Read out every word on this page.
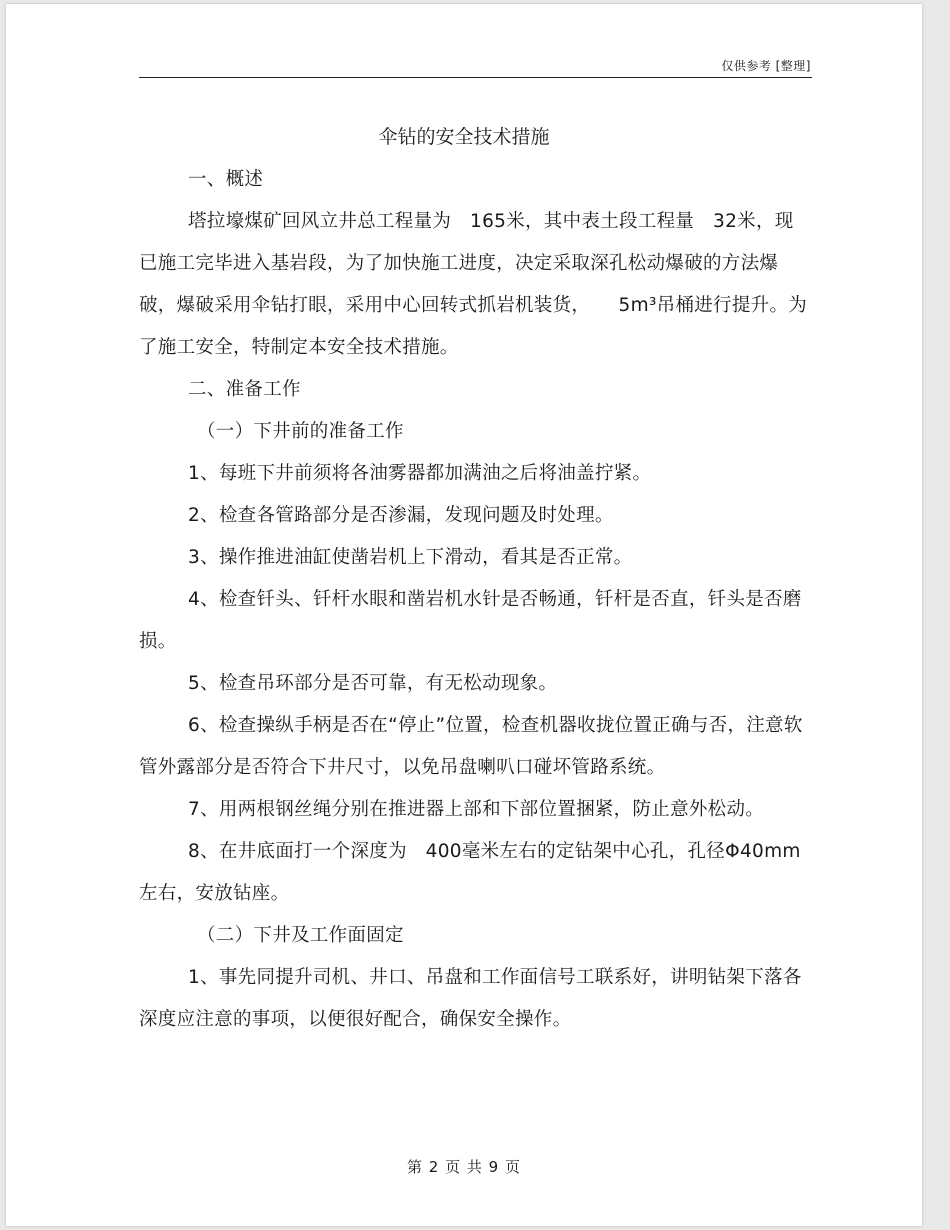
仅供参考 [整理]
伞钻的安全技术措施

一、概述

塔拉壕煤矿回风立井总工程量为　165米，其中表土段工程量　32米，现已施工完毕进入基岩段，为了加快施工进度，决定采取深孔松动爆破的方法爆破，爆破采用伞钻打眼，采用中心回转式抓岩机装货，　　5m³吊桶进行提升。为了施工安全，特制定本安全技术措施。

二、准备工作

（一）下井前的准备工作

1、每班下井前须将各油雾器都加满油之后将油盖拧紧。

2、检查各管路部分是否渗漏，发现问题及时处理。

3、操作推进油缸使凿岩机上下滑动，看其是否正常。

4、检查钎头、钎杆水眼和凿岩机水针是否畅通，钎杆是否直，钎头是否磨损。

5、检查吊环部分是否可靠，有无松动现象。

6、检查操纵手柄是否在“停止”位置，检查机器收拢位置正确与否，注意软管外露部分是否符合下井尺寸，以免吊盘喇叭口碰坏管路系统。

7、用两根钢丝绳分别在推进器上部和下部位置捆紧，防止意外松动。

8、在井底面打一个深度为　400毫米左右的定钻架中心孔，孔径Φ40mm左右，安放钻座。

（二）下井及工作面固定

1、事先同提升司机、井口、吊盘和工作面信号工联系好，讲明钻架下落各深度应注意的事项，以便很好配合，确保安全操作。

第 2 页 共 9 页
